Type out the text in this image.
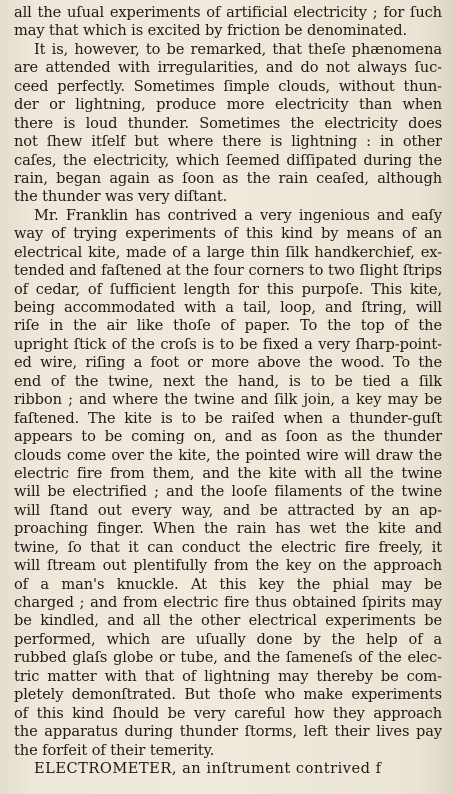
all the uſual experiments of artificial electricity ; for ſuch
may that which is excited by friction be denominated.
It is, however, to be remarked, that theſe phænomena
are attended with irregularities, and do not always ſuc-
ceed perfectly. Sometimes ſimple clouds, without thun-
der or lightning, produce more electricity than when
there is loud thunder. Sometimes the electricity does
not ſhew itſelf but where there is lightning : in other
caſes, the electricity, which ſeemed diſſipated during the
rain, began again as ſoon as the rain ceaſed, although
the thunder was very diſtant.
Mr. Franklin has contrived a very ingenious and eaſy
way of trying experiments of this kind by means of an
electrical kite, made of a large thin ſilk handkerchief, ex-
tended and faſtened at the four corners to two ſlight ſtrips
of cedar, of ſufficient length for this purpoſe. This kite,
being accommodated with a tail, loop, and ſtring, will
riſe in the air like thoſe of paper. To the top of the
upright ſtick of the croſs is to be fixed a very ſharp-point-
ed wire, riſing a foot or more above the wood. To the
end of the twine, next the hand, is to be tied a ſilk
ribbon ; and where the twine and ſilk join, a key may be
faſtened. The kite is to be raiſed when a thunder-guſt
appears to be coming on, and as ſoon as the thunder
clouds come over the kite, the pointed wire will draw the
electric fire from them, and the kite with all the twine
will be electrified ; and the looſe filaments of the twine
will ſtand out every way, and be attracted by an ap-
proaching finger. When the rain has wet the kite and
twine, ſo that it can conduct the electric fire freely, it
will ſtream out plentifully from the key on the approach
of a man's knuckle. At this key the phial may be
charged ; and from electric fire thus obtained ſpirits may
be kindled, and all the other electrical experiments be
performed, which are uſually done by the help of a
rubbed glaſs globe or tube, and the ſameneſs of the elec-
tric matter with that of lightning may thereby be com-
pletely demonſtrated. But thoſe who make experiments
of this kind ſhould be very careful how they approach
the apparatus during thunder ſtorms, left their lives pay
the forfeit of their temerity.
ELECTROMETER, an inſtrument contrived f
